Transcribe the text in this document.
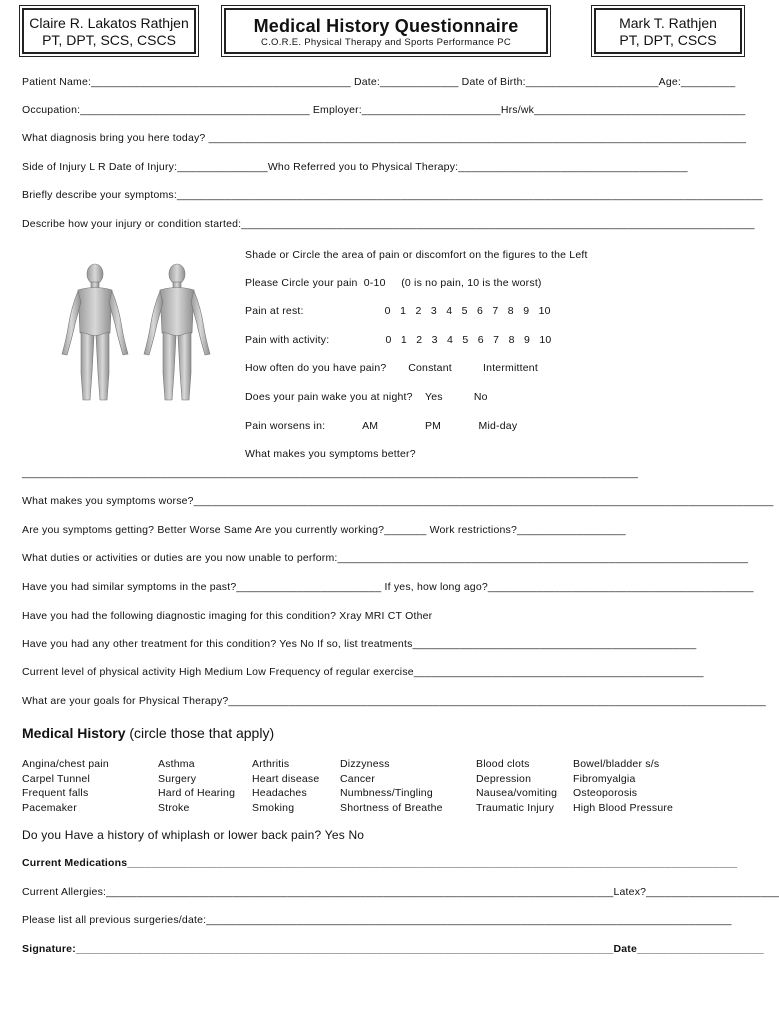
Claire R. Lakatos Rathjen
PT, DPT, SCS, CSCS
Medical History Questionnaire
C.O.R.E. Physical Therapy and Sports Performance PC
Mark T. Rathjen
PT, DPT, CSCS
Patient Name:___________________________________________ Date:_____________ Date of Birth:______________________Age:_________
Occupation:______________________________________ Employer:_______________________Hrs/wk___________________________________
What diagnosis bring you here today? _________________________________________________________________________________________
Side of Injury L R Date of Injury:_______________Who Referred you to Physical Therapy:______________________________________
Briefly describe your symptoms:_________________________________________________________________________________________________
Describe how your injury or condition started:_____________________________________________________________________________________
Shade or Circle the area of pain or discomfort on the figures to the Left
Please Circle your pain  0-10     (0 is no pain, 10 is the worst)
Pain at rest:                          0   1   2   3   4   5   6   7   8   9   10
Pain with activity:                  0   1   2   3   4   5   6   7   8   9   10
How often do you have pain?       Constant          Intermittent
Does your pain wake you at night?    Yes          No
Pain worsens in:            AM               PM            Mid-day
What makes you symptoms better?
______________________________________________________________________________________________________
What makes you symptoms worse?________________________________________________________________________________________________
Are you symptoms getting? Better Worse Same Are you currently working?_______ Work restrictions?__________________
What duties or activities or duties are you now unable to perform:____________________________________________________________________
Have you had similar symptoms in the past?________________________ If yes, how long ago?____________________________________________
Have you had the following diagnostic imaging for this condition? Xray MRI CT Other
Have you had any other treatment for this condition? Yes No If so, list treatments_______________________________________________
Current level of physical activity High Medium Low Frequency of regular exercise________________________________________________
What are your goals for Physical Therapy?_________________________________________________________________________________________
Medical History (circle those that apply)
Angina/chest pain
Carpel Tunnel
Frequent falls
Pacemaker
Asthma
Surgery
Hard of Hearing
Stroke
Arthritis
Heart disease
Headaches
Smoking
Dizzyness
Cancer
Numbness/Tingling
Shortness of Breathe
Blood clots
Depression
Nausea/vomiting
Traumatic Injury
Bowel/bladder s/s
Fibromyalgia
Osteoporosis
High Blood Pressure
Do you Have a history of whiplash or lower back pain? Yes No
Current Medications_____________________________________________________________________________________________________
Current Allergies:____________________________________________________________________________________Latex?______________________
Please list all previous surgeries/date:_______________________________________________________________________________________
Signature:_________________________________________________________________________________________Date_____________________
